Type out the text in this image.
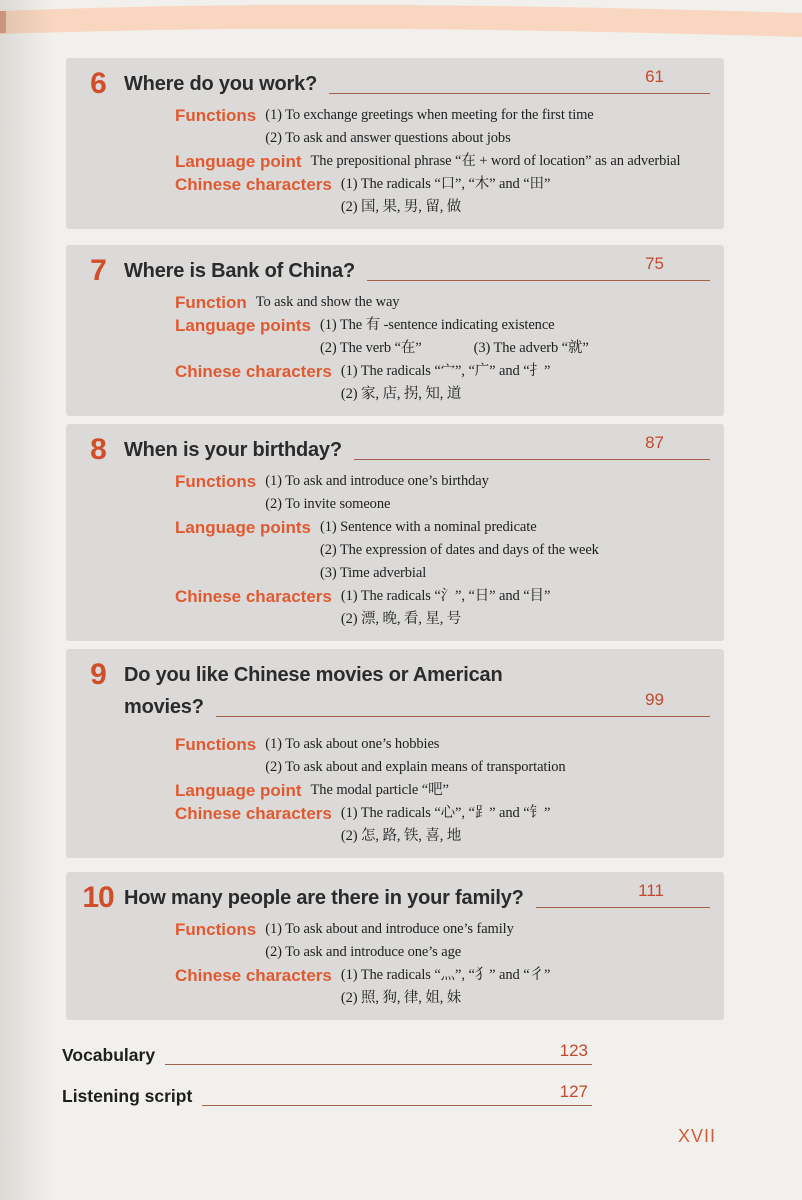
6 Where do you work?	61
Functions (1) To exchange greetings when meeting for the first time
(2) To ask and answer questions about jobs
Language point The prepositional phrase “在 + word of location” as an adverbial
Chinese characters (1) The radicals “口”, “木” and “田”
(2) 国, 果, 男, 留, 做
7 Where is Bank of China?	75
Function To ask and show the way
Language points (1) The 有 -sentence indicating existence
(2) The verb “在”	(3) The adverb “就”
Chinese characters (1) The radicals “宀”, “广” and “扌”
(2) 家, 店, 拐, 知, 道
8 When is your birthday?	87
Functions (1) To ask and introduce one’s birthday
(2) To invite someone
Language points (1) Sentence with a nominal predicate
(2) The expression of dates and days of the week
(3) Time adverbial
Chinese characters (1) The radicals “氵”, “日” and “目”
(2) 漂, 晚, 看, 星, 号
9 Do you like Chinese movies or American
movies?	99
Functions (1) To ask about one’s hobbies
(2) To ask about and explain means of transportation
Language point The modal particle “吧”
Chinese characters (1) The radicals “心”, “⻊” and “钅”
(2) 怎, 路, 铁, 喜, 地
10 How many people are there in your family?	111
Functions (1) To ask about and introduce one’s family
(2) To ask and introduce one’s age
Chinese characters (1) The radicals “灬”, “犭” and “彳”
(2) 照, 狗, 律, 姐, 妹
Vocabulary	123
Listening script	127
XVII
